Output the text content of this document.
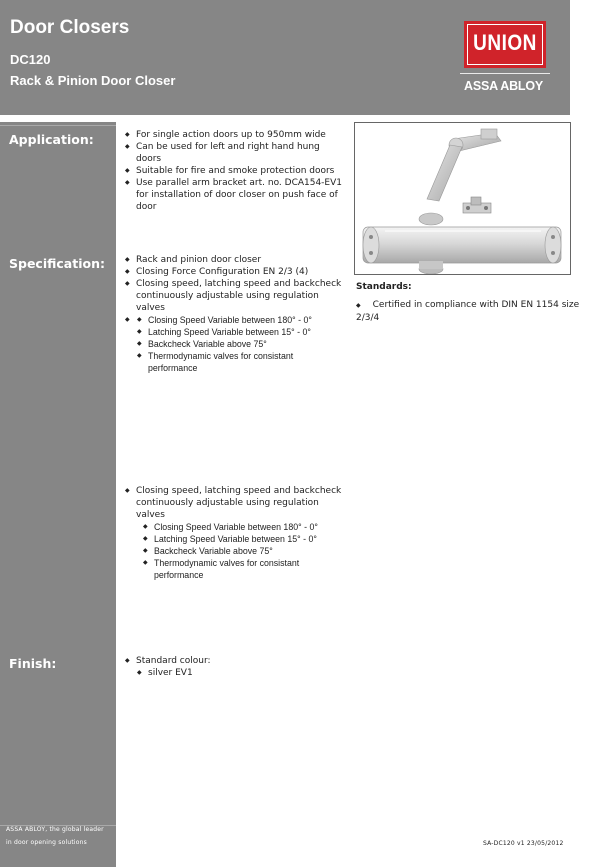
Door Closers
DC120
Rack & Pinion Door Closer
UNION
ASSA ABLOY
Application:
Specification:
Finish:
ASSA ABLOY, the global leader
in door opening solutions
◆ For single action doors up to 950mm wide
◆ Can be used for left and right hand hung doors
◆ Suitable for fire and smoke protection doors
◆ Use parallel arm bracket art. no. DCA154-EV1 for installation of door closer on push face of door
◆ Rack and pinion door closer
◆ Closing Force Configuration EN 2/3 (4)
◆ Closing speed, latching speed and backcheck continuously adjustable using regulation valves
◆ ◆ Closing Speed Variable between 180° - 0°
◆ Latching Speed Variable between 15° - 0°
◆ Backcheck Variable above 75°
◆ Thermodynamic valves for consistant performance
◆ Closing speed, latching speed and backcheck continuously adjustable using regulation valves
◆ Closing Speed Variable between 180° - 0°
◆ Latching Speed Variable between 15° - 0°
◆ Backcheck Variable above 75°
◆ Thermodynamic valves for consistant performance
◆ Standard colour:
◆ silver EV1
Standards:
◆ Certified in compliance with DIN EN 1154 size 2/3/4
SA-DC120 v1 23/05/2012
